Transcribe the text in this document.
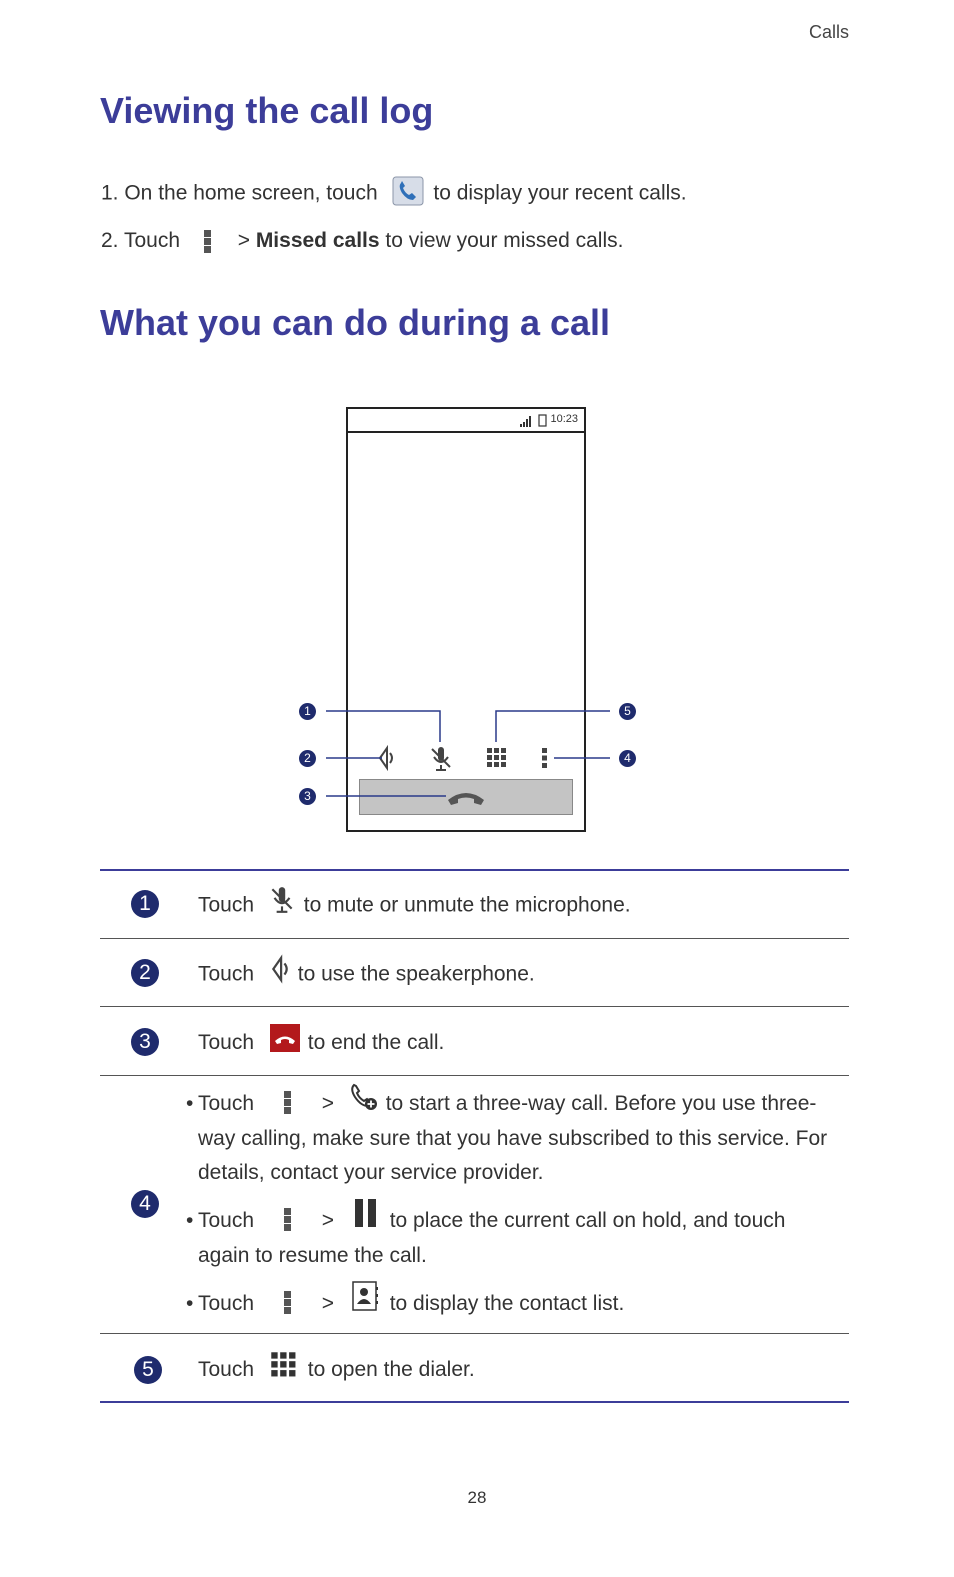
Calls
Viewing the call log
1. On the home screen, touch	to display your recent calls.
2. Touch	> Missed calls to view your missed calls.
What you can do during a call
10:23
1
2
3
4
5
1	Touch to mute or unmute the microphone.
2	Touch to use the speakerphone.
3	Touch	to end the call.
4
• Touch	> to start a three-way call. Before you use three-
way calling, make sure that you have subscribed to this service. For details, contact your service provider.
• Touch	>	to place the current call on hold, and touch
again to resume the call.
• Touch	>	to display the contact list.
5	Touch	to open the dialer.
28
